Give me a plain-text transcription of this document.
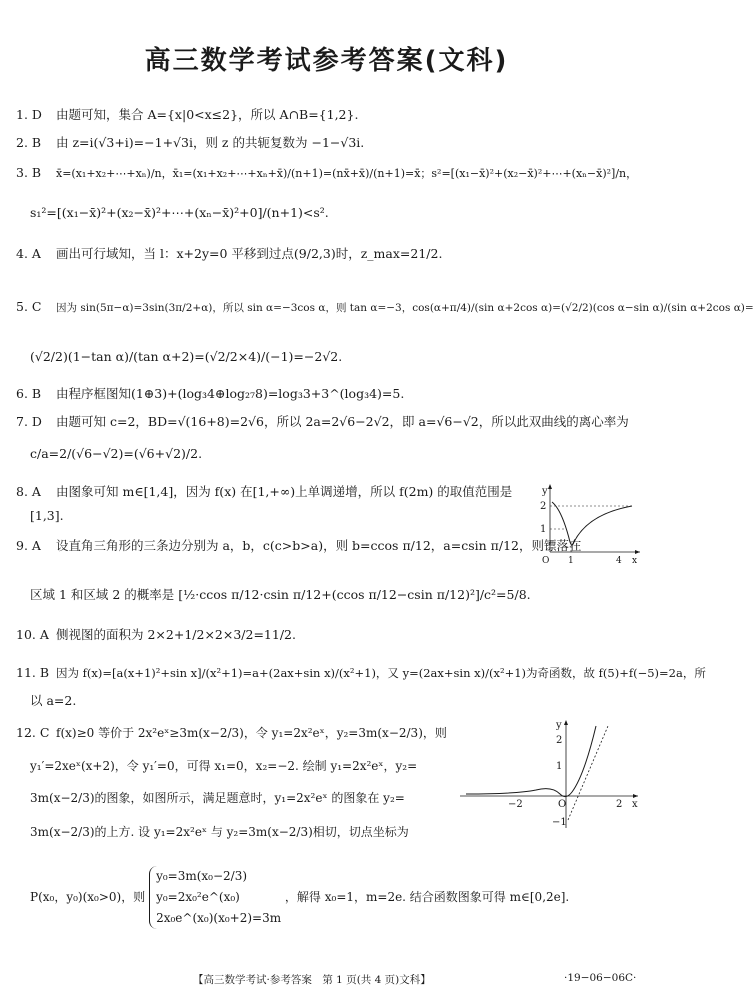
高三数学考试参考答案(文科)
1. D 由题可知，集合 A={x|0<x≤2}，所以 A∩B={1,2}.
2. B 由 z=i(√3+i)=−1+√3i，则 z 的共轭复数为 −1−√3i.
3. B x̄=(x₁+x₂+⋯+xₙ)/n，x̄₁=(x₁+x₂+⋯+xₙ+x̄)/(n+1)=(nx̄+x̄)/(n+1)=x̄；s²=[(x₁−x̄)²+(x₂−x̄)²+⋯+(xₙ−x̄)²]/n，
s₁²=[(x₁−x̄)²+(x₂−x̄)²+⋯+(xₙ−x̄)²+0]/(n+1)<s².
4. A 画出可行域知，当 l：x+2y=0 平移到过点(9/2,3)时，z_max=21/2.
5. C 因为 sin(5π−α)=3sin(3π/2+α)，所以 sin α=−3cos α，则 tan α=−3，cos(α+π/4)/(sin α+2cos α)=(√2/2)(cos α−sin α)/(sin α+2cos α)=
(√2/2)(1−tan α)/(tan α+2)=(√2/2×4)/(−1)=−2√2.
6. B 由程序框图知(1⊕3)+(log₃4⊕log₂₇8)=log₃3+3^(log₃4)=5.
7. D 由题可知 c=2，BD=√(16+8)=2√6，所以 2a=2√6−2√2，即 a=√6−√2，所以此双曲线的离心率为
c/a=2/(√6−√2)=(√6+√2)/2.
8. A 由图象可知 m∈[1,4]，因为 f(x) 在[1,+∞)上单调递增，所以 f(2m) 的取值范围是
[1,3].
y
2
1
O 1	4 x
9. A 设直角三角形的三条边分别为 a，b，c(c>b>a)，则 b=ccos π/12，a=csin π/12，则镖落在
区域 1 和区域 2 的概率是 [½·ccos π/12·csin π/12+(ccos π/12−csin π/12)²]/c²=5/8.
10. A 侧视图的面积为 2×2+1/2×2×3/2=11/2.
11. B 因为 f(x)=[a(x+1)²+sin x]/(x²+1)=a+(2ax+sin x)/(x²+1)，又 y=(2ax+sin x)/(x²+1)为奇函数，故 f(5)+f(−5)=2a，所
以 a=2.
12. C f(x)≥0 等价于 2x²eˣ≥3m(x−2/3)，令 y₁=2x²eˣ，y₂=3m(x−2/3)，则
y₁′=2xeˣ(x+2)，令 y₁′=0，可得 x₁=0，x₂=−2. 绘制 y₁=2x²eˣ，y₂=
3m(x−2/3)的图象，如图所示，满足题意时，y₁=2x²eˣ 的图象在 y₂=
3m(x−2/3)的上方. 设 y₁=2x²eˣ 与 y₂=3m(x−2/3)相切，切点坐标为
P(x₀，y₀)(x₀>0)，则
y₀=3m(x₀−2/3)
y₀=2x₀²e^(x₀)
2x₀e^(x₀)(x₀+2)=3m
，解得 x₀=1，m=2e. 结合函数图象可得 m∈[0,2e].
y
2
1
−1
−2	O	2 x
【高三数学考试·参考答案　第 1 页(共 4 页)文科】	·19−06−06C·
